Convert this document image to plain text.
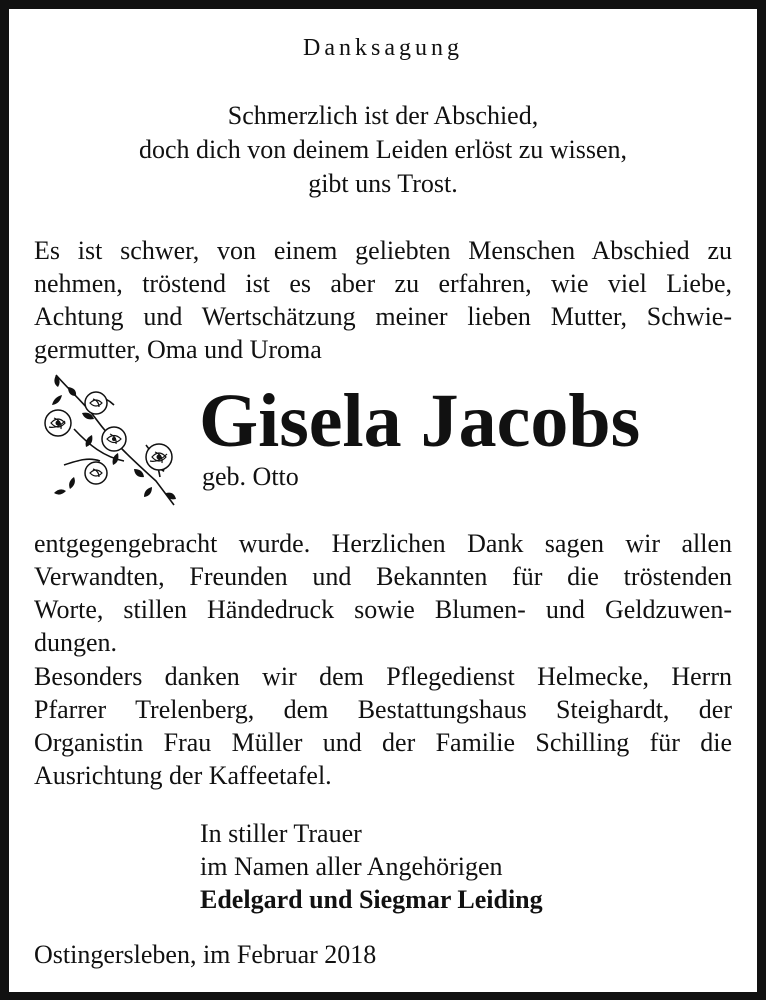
Danksagung
Schmerzlich ist der Abschied,
doch dich von deinem Leiden erlöst zu wissen,
gibt uns Trost.
Es ist schwer, von einem geliebten Menschen Abschied zu
nehmen, tröstend ist es aber zu erfahren, wie viel Liebe,
Achtung und Wertschätzung meiner lieben Mutter, Schwie-
germutter, Oma und Uroma
Gisela Jacobs
geb. Otto
entgegengebracht wurde. Herzlichen Dank sagen wir allen
Verwandten, Freunden und Bekannten für die tröstenden
Worte, stillen Händedruck sowie Blumen- und Geldzuwen-
dungen.
Besonders danken wir dem Pflegedienst Helmecke, Herrn
Pfarrer Trelenberg, dem Bestattungshaus Steighardt, der
Organistin Frau Müller und der Familie Schilling für die
Ausrichtung der Kaffeetafel.
In stiller Trauer
im Namen aller Angehörigen
Edelgard und Siegmar Leiding
Ostingersleben, im Februar 2018
